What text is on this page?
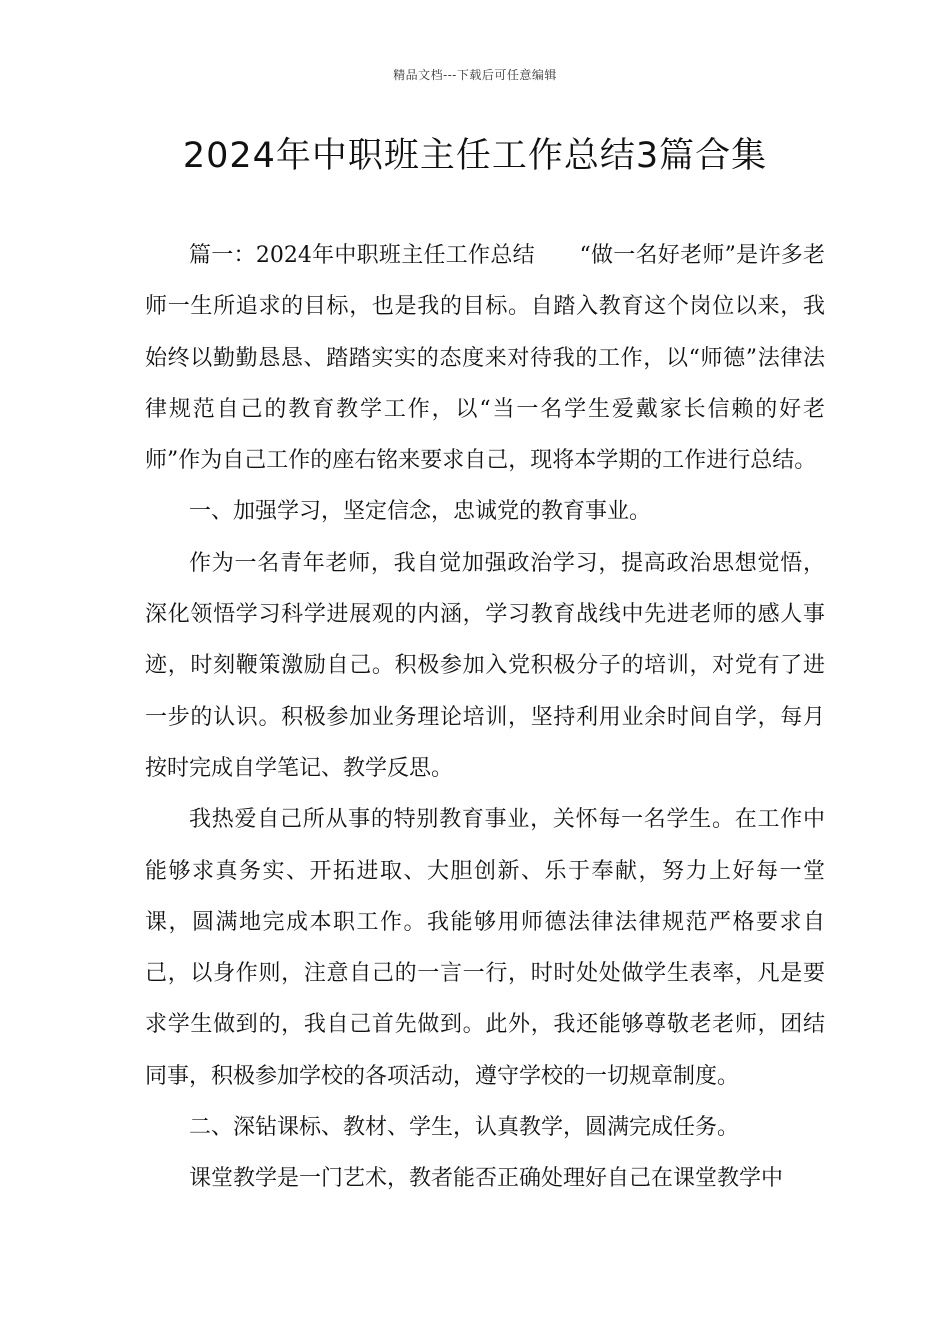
精品文档---下载后可任意编辑
2024年中职班主任工作总结3篇合集

篇一：2024年中职班主任工作总结　　“做一名好老师”是许多老师一生所追求的目标，也是我的目标。自踏入教育这个岗位以来，我始终以勤勤恳恳、踏踏实实的态度来对待我的工作，以“师德”法律法律规范自己的教育教学工作，以“当一名学生爱戴家长信赖的好老师”作为自己工作的座右铭来要求自己，现将本学期的工作进行总结。

一、加强学习，坚定信念，忠诚党的教育事业。

作为一名青年老师，我自觉加强政治学习，提高政治思想觉悟，深化领悟学习科学进展观的内涵，学习教育战线中先进老师的感人事迹，时刻鞭策激励自己。积极参加入党积极分子的培训，对党有了进一步的认识。积极参加业务理论培训，坚持利用业余时间自学，每月按时完成自学笔记、教学反思。

我热爱自己所从事的特别教育事业，关怀每一名学生。在工作中能够求真务实、开拓进取、大胆创新、乐于奉献，努力上好每一堂课，圆满地完成本职工作。我能够用师德法律法律规范严格要求自己，以身作则，注意自己的一言一行，时时处处做学生表率，凡是要求学生做到的，我自己首先做到。此外，我还能够尊敬老老师，团结同事，积极参加学校的各项活动，遵守学校的一切规章制度。

二、深钻课标、教材、学生，认真教学，圆满完成任务。

课堂教学是一门艺术，教者能否正确处理好自己在课堂教学中
